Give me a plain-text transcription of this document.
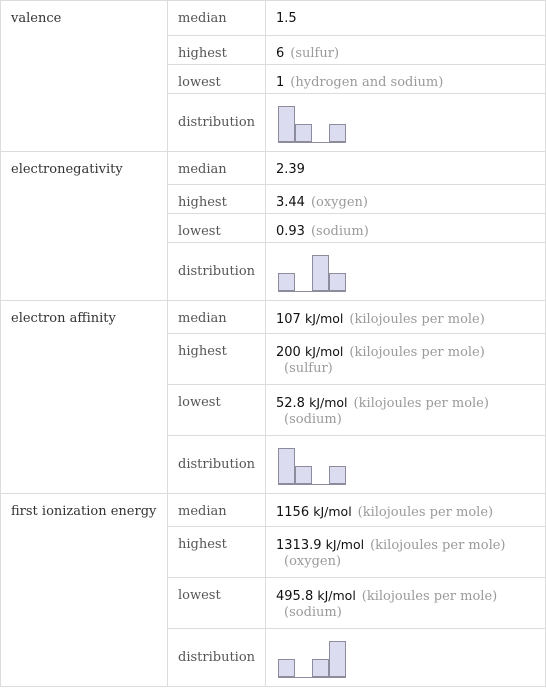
valence	median	1.5
	highest	6 (sulfur)
	lowest	1 (hydrogen and sodium)
	distribution	

electronegativity	median	2.39
	highest	3.44 (oxygen)
	lowest	0.93 (sodium)
	distribution	

electron affinity	median	107 kJ/mol (kilojoules per mole)
	highest	200 kJ/mol (kilojoules per mole)
(sulfur)

	lowest	52.8 kJ/mol (kilojoules per mole)
(sodium)

	distribution	

first ionization energy	median	1156 kJ/mol (kilojoules per mole)
	highest	1313.9 kJ/mol (kilojoules per mole)
(oxygen)

	lowest	495.8 kJ/mol (kilojoules per mole)
(sodium)

	distribution	
